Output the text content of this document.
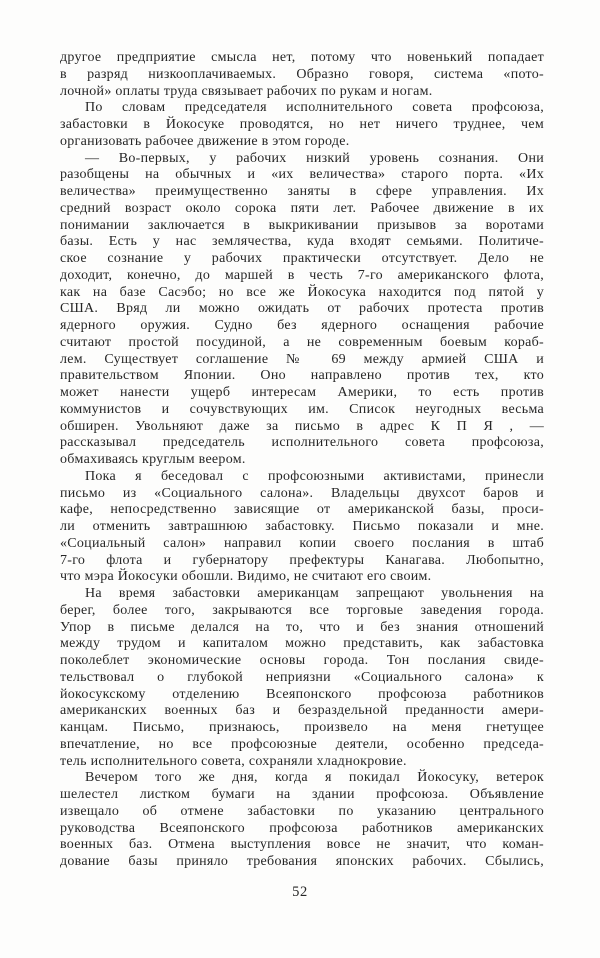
другое предприятие смысла нет, потому что новенький попадает
в разряд низкооплачиваемых. Образно говоря, система «пото-
лочной» оплаты труда связывает рабочих по рукам и ногам.
По словам председателя исполнительного совета профсоюза,
забастовки в Йокосуке проводятся, но нет ничего труднее, чем
организовать рабочее движение в этом городе.
— Во-первых, у рабочих низкий уровень сознания. Они
разобщены на обычных и «их величества» старого порта. «Их
величества» преимущественно заняты в сфере управления. Их
средний возраст около сорока пяти лет. Рабочее движение в их
понимании заключается в выкрикивании призывов за воротами
базы. Есть у нас землячества, куда входят семьями. Политиче-
ское сознание у рабочих практически отсутствует. Дело не
доходит, конечно, до маршей в честь 7-го американского флота,
как на базе Сасэбо; но все же Йокосука находится под пятой у
США. Вряд ли можно ожидать от рабочих протеста против
ядерного оружия. Судно без ядерного оснащения рабочие
считают простой посудиной, а не современным боевым кораб-
лем. Существует соглашение № 69 между армией США и
правительством Японии. Оно направлено против тех, кто
может нанести ущерб интересам Америки, то есть против
коммунистов и сочувствующих им. Список неугодных весьма
обширен. Увольняют даже за письмо в адрес К П Я , —
рассказывал председатель исполнительного совета профсоюза,
обмахиваясь круглым веером.
Пока я беседовал с профсоюзными активистами, принесли
письмо из «Социального салона». Владельцы двухсот баров и
кафе, непосредственно зависящие от американской базы, проси-
ли отменить завтрашнюю забастовку. Письмо показали и мне.
«Социальный салон» направил копии своего послания в штаб
7-го флота и губернатору префектуры Канагава. Любопытно,
что мэра Йокосуки обошли. Видимо, не считают его своим.
На время забастовки американцам запрещают увольнения на
берег, более того, закрываются все торговые заведения города.
Упор в письме делался на то, что и без знания отношений
между трудом и капиталом можно представить, как забастовка
поколеблет экономические основы города. Тон послания свиде-
тельствовал о глубокой неприязни «Социального салона» к
йокосукскому отделению Всеяпонского профсоюза работников
американских военных баз и безраздельной преданности амери-
канцам. Письмо, признаюсь, произвело на меня гнетущее
впечатление, но все профсоюзные деятели, особенно председа-
тель исполнительного совета, сохраняли хладнокровие.
Вечером того же дня, когда я покидал Йокосуку, ветерок
шелестел листком бумаги на здании профсоюза. Объявление
извещало об отмене забастовки по указанию центрального
руководства Всеяпонского профсоюза работников американских
военных баз. Отмена выступления вовсе не значит, что коман-
дование базы приняло требования японских рабочих. Сбылись,
52
